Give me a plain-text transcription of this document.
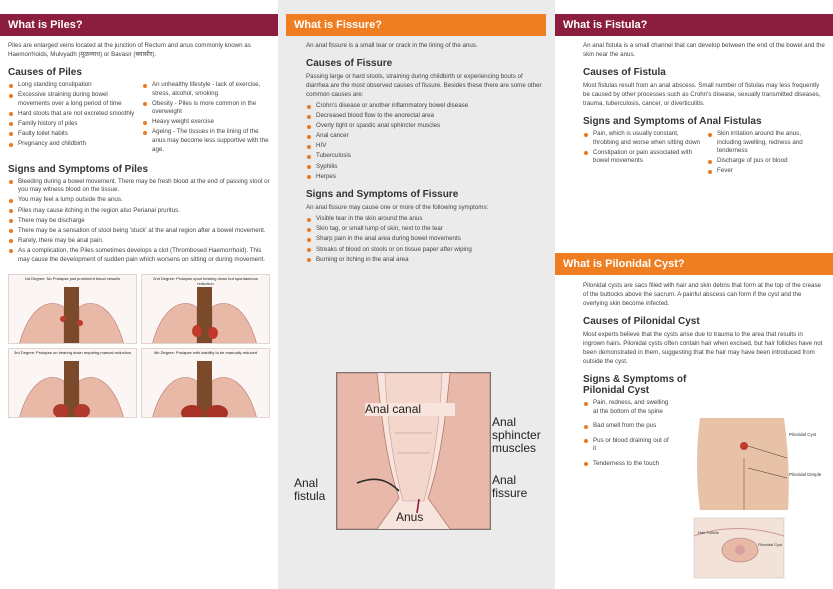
What is Piles?

Piles are enlarged veins located at the junction of Rectum and anus commonly known as Haemorrhoids, Mulvyadh (मूळव्याध) or Bavasir (बवासीर).

Causes of Piles
Long standing constipation
Excessive straining during bowel movements over a long period of time
Hard stools that are not excreted smoothly
Family history of piles
Faulty toilet habits
Pregnancy and childbirth
An unhealthy lifestyle - lack of exercise, stress, alcohol, smoking
Obesity - Piles is more common in the overweight
Heavy weight exercise
Ageing - The tissues in the lining of the anus may become less supportive with the age.
Signs and Symptoms of Piles
Bleeding during a bowel movement. There may be fresh blood at the end of passing stool or you may witness blood on the tissue.
You may feel a lump outside the anus.
Piles may cause itching in the region also Perianal pruritus.
There may be discharge
There may be a sensation of stool being 'stuck' at the anal region after a bowel movement.
Rarely, there may be anal pain.
As a complication, the Piles sometimes develops a clot (Thrombosed Haemorrhoid). This may cause the development of sudden pain which worsens on sitting or during movement.
1st Degree: No Prolapse just prominent blood vessels	2nd Degree: Prolapse upon bearing down but spontaneous reduction
3rd Degree: Prolapse on bearing down requiring manual reduction	4th Degree: Prolapse with inability to be manually reduced
What is Fissure?

An anal fissure is a small tear or crack in the lining of the anus.

Causes of Fissure

Passing large or hard stools, straining during childbirth or experiencing bouts of diarrhea are the most observed causes of fissure. Besides these there are some other common causes are:

Crohn's disease or another inflammatory bowel disease
Decreased blood flow to the anorectal area
Overly tight or spastic anal sphincter muscles
Anal cancer
HIV
Tuberculosis
Syphilis
Herpes
Signs and Symptoms of Fissure

An anal fissure may cause one or more of the following symptoms:

Visible tear in the skin around the anus
Skin tag, or small lump of skin, next to the tear
Sharp pain in the anal area during bowel movements
Streaks of blood on stools or on tissue paper after wiping
Burning or itching in the anal area
Anal canal
Anal sphincter muscles
Anal fistula
Anal fissure
Anus
What is Fistula?

An anal fistula is a small channel that can develop between the end of the bowel and the skin near the anus.

Causes of Fistula

Most fistulas result from an anal abscess. Small number of fistulas may less frequently be caused by other processes such as Crohn's disease, sexually transmitted diseases, trauma, tuberculosis, cancer, or diverticulitis.

Signs and Symptoms of Anal Fistulas
Pain, which is usually constant, throbbing and worse when sitting down
Constipation or pain associated with bowel movements
Skin irritation around the anus, including swelling, redness and tenderness
Discharge of pus or blood
Fever
What is Pilonidal Cyst?

Pilonidal cysts are sacs filled with hair and skin debris that form at the top of the crease of the buttocks above the sacrum. A painful abscess can form if the cyst and the overlying skin become infected.

Causes of Pilonidal Cyst

Most experts believe that the cysts arise due to trauma to the area that results in ingrown hairs. Pilonidal cysts often contain hair when excised, but hair follicles have not been demonstrated in them, suggesting that the hair may have been introduced from outside the cyst.

Signs & Symptoms of Pilonidal Cyst
Pain, redness, and swelling at the bottom of the spine
Bad smell from the pus
Pus or blood draining out of it
Tenderness to the touch
Pilonidal Cyst
Pilonidal Dimple
Hair Follicle
Pilonidal Cyst
